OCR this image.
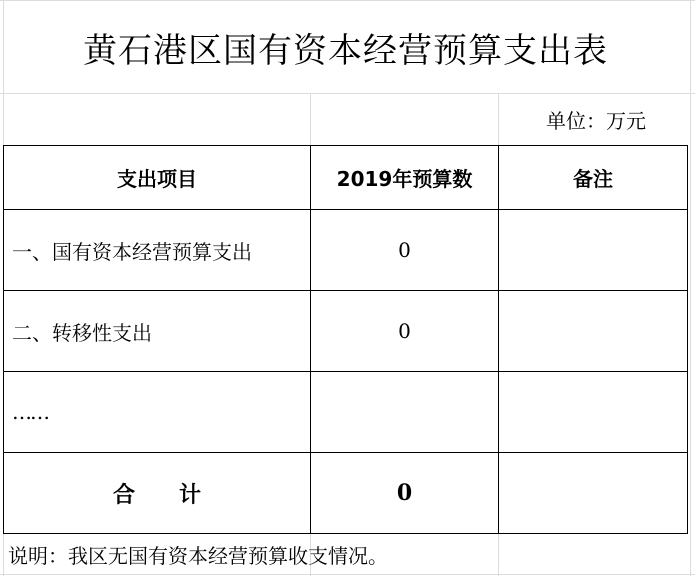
黄石港区国有资本经营预算支出表
单位：万元
支出项目	2019年预算数	备注
一、国有资本经营预算支出	0
二、转移性支出	0
……
合　　计	0
说明：我区无国有资本经营预算收支情况。
